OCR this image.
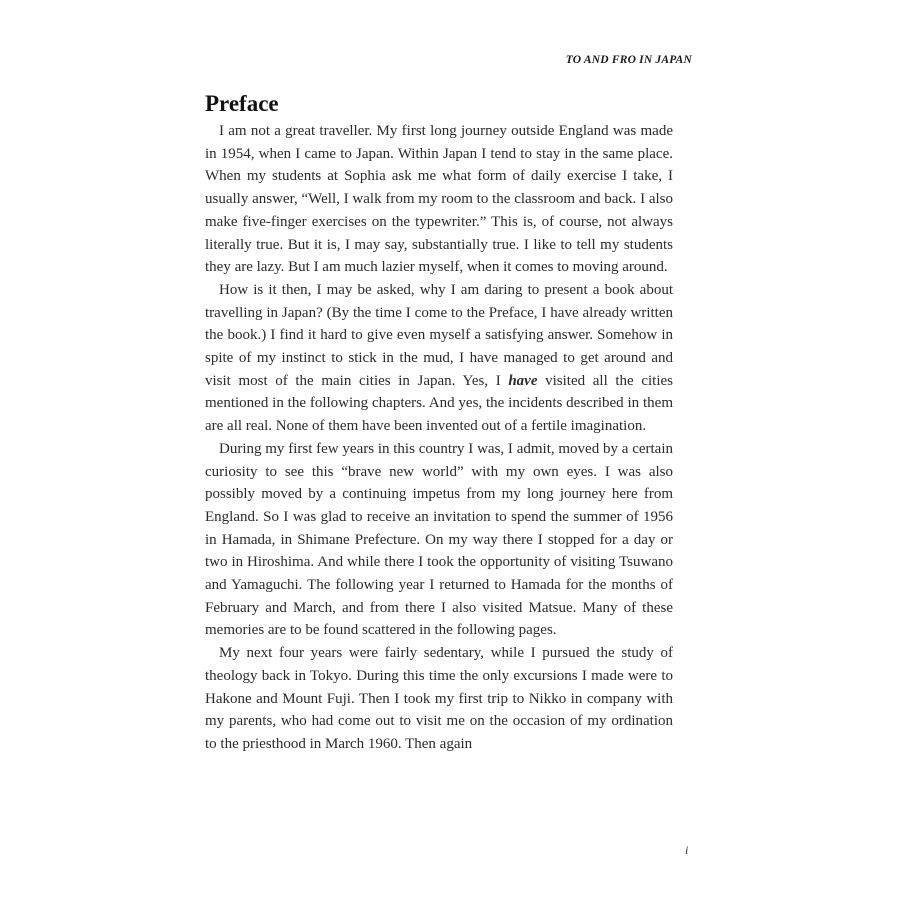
TO AND FRO IN JAPAN
Preface

I am not a great traveller. My first long journey outside England was made in 1954, when I came to Japan. Within Japan I tend to stay in the same place. When my students at Sophia ask me what form of daily exercise I take, I usually answer, “Well, I walk from my room to the classroom and back. I also make five-finger exercises on the typewriter.” This is, of course, not always literally true. But it is, I may say, substantially true. I like to tell my students they are lazy. But I am much lazier myself, when it comes to moving around.

How is it then, I may be asked, why I am daring to present a book about travelling in Japan? (By the time I come to the Preface, I have already written the book.) I find it hard to give even myself a satisfying answer. Somehow in spite of my instinct to stick in the mud, I have managed to get around and visit most of the main cities in Japan. Yes, I have visited all the cities mentioned in the following chapters. And yes, the incidents described in them are all real. None of them have been invented out of a fertile imagination.

During my first few years in this country I was, I admit, moved by a certain curiosity to see this “brave new world” with my own eyes. I was also possibly moved by a continuing impetus from my long journey here from England. So I was glad to receive an invitation to spend the summer of 1956 in Hamada, in Shimane Prefecture. On my way there I stopped for a day or two in Hiroshima. And while there I took the opportunity of visiting Tsuwano and Yamaguchi. The following year I returned to Hamada for the months of February and March, and from there I also visited Matsue. Many of these memories are to be found scattered in the following pages.

My next four years were fairly sedentary, while I pursued the study of theology back in Tokyo. During this time the only excursions I made were to Hakone and Mount Fuji. Then I took my first trip to Nikko in company with my parents, who had come out to visit me on the occasion of my ordination to the priesthood in March 1960. Then again

i
